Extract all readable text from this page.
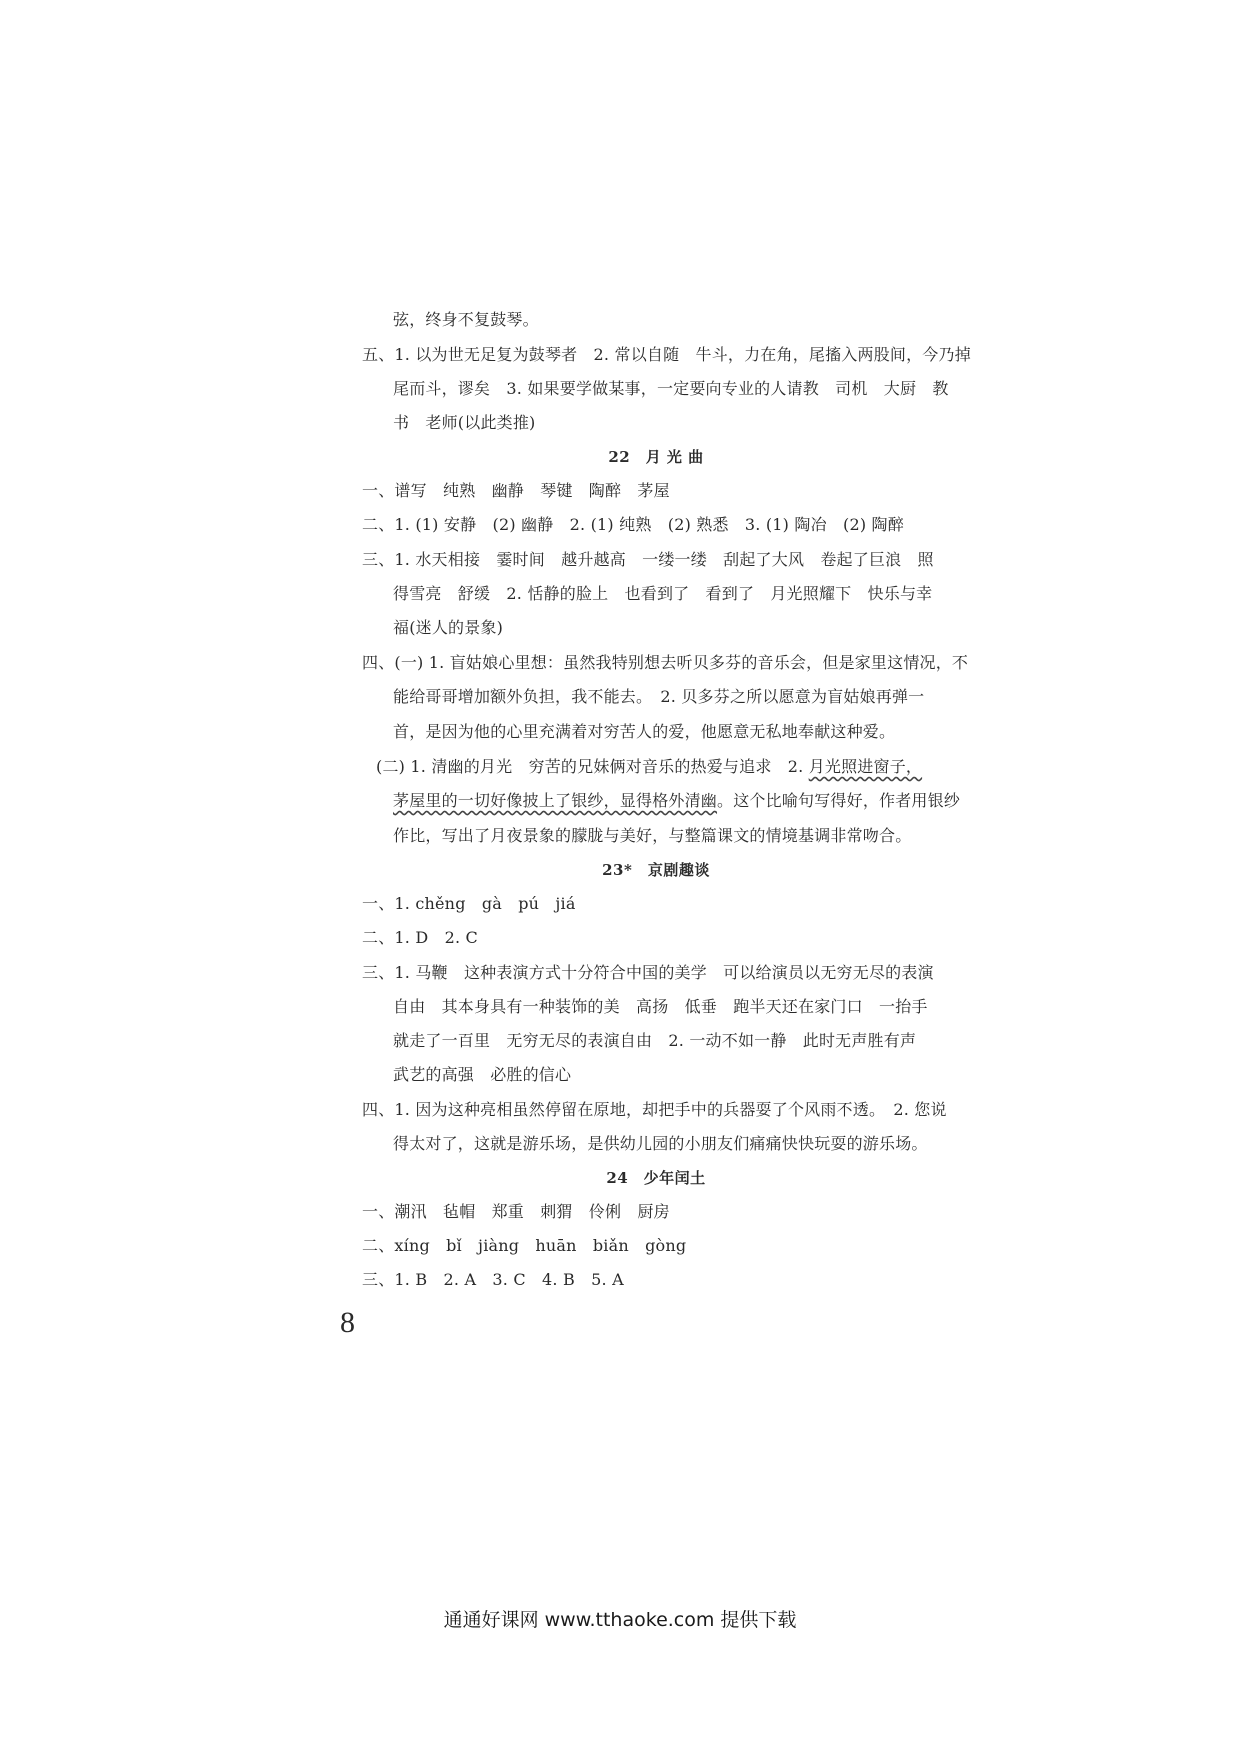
弦，终身不复鼓琴。
五、1. 以为世无足复为鼓琴者　2. 常以自随　牛斗，力在角，尾搐入两股间，今乃掉
尾而斗，谬矣　3. 如果要学做某事，一定要向专业的人请教　司机　大厨　教
书　老师(以此类推)
22　月 光 曲
一、谱写　纯熟　幽静　琴键　陶醉　茅屋
二、1. (1) 安静　(2) 幽静　2. (1) 纯熟　(2) 熟悉　3. (1) 陶冶　(2) 陶醉
三、1. 水天相接　霎时间　越升越高　一缕一缕　刮起了大风　卷起了巨浪　照
得雪亮　舒缓　2. 恬静的脸上　也看到了　看到了　月光照耀下　快乐与幸
福(迷人的景象)
四、(一) 1. 盲姑娘心里想：虽然我特别想去听贝多芬的音乐会，但是家里这情况，不
能给哥哥增加额外负担，我不能去。　2. 贝多芬之所以愿意为盲姑娘再弹一
首，是因为他的心里充满着对穷苦人的爱，他愿意无私地奉献这种爱。
(二) 1. 清幽的月光　穷苦的兄妹俩对音乐的热爱与追求　2. 月光照进窗子，
茅屋里的一切好像披上了银纱，显得格外清幽。这个比喻句写得好，作者用银纱
作比，写出了月夜景象的朦胧与美好，与整篇课文的情境基调非常吻合。
23*　京剧趣谈
一、1. chěng　gà　pú　jiá
二、1. D　2. C
三、1. 马鞭　这种表演方式十分符合中国的美学　可以给演员以无穷无尽的表演
自由　其本身具有一种装饰的美　高扬　低垂　跑半天还在家门口　一抬手
就走了一百里　无穷无尽的表演自由　2. 一动不如一静　此时无声胜有声
武艺的高强　必胜的信心
四、1. 因为这种亮相虽然停留在原地，却把手中的兵器耍了个风雨不透。　2. 您说
得太对了，这就是游乐场，是供幼儿园的小朋友们痛痛快快玩耍的游乐场。
24　少年闰土
一、潮汛　毡帽　郑重　刺猬　伶俐　厨房
二、xíng　bǐ　jiàng　huān　biǎn　gòng
三、1. B　2. A　3. C　4. B　5. A
8
通通好课网 www.tthaoke.com 提供下载
